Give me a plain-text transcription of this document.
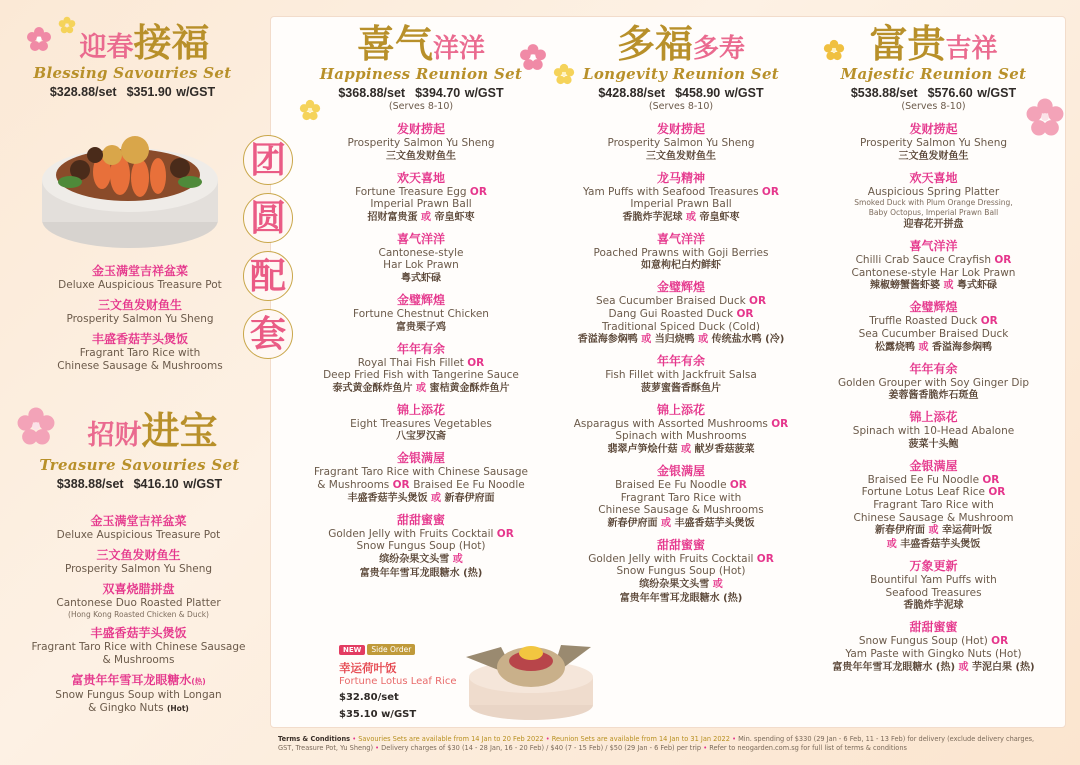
迎春接福
Blessing Savouries Set
$328.88/set $351.90 w/GST
金玉满堂吉祥盆菜
Deluxe Auspicious Treasure Pot
三文鱼发财鱼生
Prosperity Salmon Yu Sheng
丰盛香菇芋头煲饭
Fragrant Taro Rice with
Chinese Sausage & Mushrooms
招财进宝
Treasure Savouries Set
$388.88/set $416.10 w/GST
金玉满堂吉祥盆菜
Deluxe Auspicious Treasure Pot
三文鱼发财鱼生
Prosperity Salmon Yu Sheng
双喜烧腊拼盘
Cantonese Duo Roasted Platter
(Hong Kong Roasted Chicken & Duck)
丰盛香菇芋头煲饭
Fragrant Taro Rice with Chinese Sausage
& Mushrooms
富贵年年雪耳龙眼糖水(热)
Snow Fungus Soup with Longan
& Gingko Nuts (Hot)
团
圆
配
套
喜气洋洋
Happiness Reunion Set
$368.88/set $394.70 w/GST
(Serves 8-10)
发财捞起
Prosperity Salmon Yu Sheng
三文鱼发财鱼生
欢天喜地
Fortune Treasure Egg OR
Imperial Prawn Ball
招财富贵蛋 或 帝皇虾枣
喜气洋洋
Cantonese-style
Har Lok Prawn
粤式虾碌
金璧辉煌
Fortune Chestnut Chicken
富贵栗子鸡
年年有余
Royal Thai Fish Fillet OR
Deep Fried Fish with Tangerine Sauce
泰式黄金酥炸鱼片 或 蜜桔黄金酥炸鱼片
锦上添花
Eight Treasures Vegetables
八宝罗汉斋
金银满屋
Fragrant Taro Rice with Chinese Sausage
& Mushrooms OR Braised Ee Fu Noodle
丰盛香菇芋头煲饭 或 新春伊府面
甜甜蜜蜜
Golden Jelly with Fruits Cocktail OR
Snow Fungus Soup (Hot)
缤纷杂果文头雪 或
富贵年年雪耳龙眼糖水 (热)
多福多寿
Longevity Reunion Set
$428.88/set $458.90 w/GST
(Serves 8-10)
发财捞起
Prosperity Salmon Yu Sheng
三文鱼发财鱼生
龙马精神
Yam Puffs with Seafood Treasures OR
Imperial Prawn Ball
香脆炸芋泥球 或 帝皇虾枣
喜气洋洋
Poached Prawns with Goji Berries
如意枸杞白灼鲜虾
金璧辉煌
Sea Cucumber Braised Duck OR
Dang Gui Roasted Duck OR
Traditional Spiced Duck (Cold)
香溢海参焖鸭 或 当归烧鸭 或 传统盐水鸭 (冷)
年年有余
Fish Fillet with Jackfruit Salsa
菠萝蜜酱香酥鱼片
锦上添花
Asparagus with Assorted Mushrooms OR
Spinach with Mushrooms
翡翠卢笋烩什菇 或 献岁香菇菠菜
金银满屋
Braised Ee Fu Noodle OR
Fragrant Taro Rice with
Chinese Sausage & Mushrooms
新春伊府面 或 丰盛香菇芋头煲饭
甜甜蜜蜜
Golden Jelly with Fruits Cocktail OR
Snow Fungus Soup (Hot)
缤纷杂果文头雪 或
富贵年年雪耳龙眼糖水 (热)
富贵吉祥
Majestic Reunion Set
$538.88/set $576.60 w/GST
(Serves 8-10)
发财捞起
Prosperity Salmon Yu Sheng
三文鱼发财鱼生
欢天喜地
Auspicious Spring Platter
Smoked Duck with Plum Orange Dressing,
Baby Octopus, Imperial Prawn Ball
迎春花开拼盘
喜气洋洋
Chilli Crab Sauce Crayfish OR
Cantonese-style Har Lok Prawn
辣椒螃蟹酱虾婆 或 粤式虾碌
金璧辉煌
Truffle Roasted Duck OR
Sea Cucumber Braised Duck
松露烧鸭 或 香溢海参焖鸭
年年有余
Golden Grouper with Soy Ginger Dip
姜蓉酱香脆炸石斑鱼
锦上添花
Spinach with 10-Head Abalone
菠菜十头鲍
金银满屋
Braised Ee Fu Noodle OR
Fortune Lotus Leaf Rice OR
Fragrant Taro Rice with
Chinese Sausage & Mushroom
新春伊府面 或 幸运荷叶饭
或 丰盛香菇芋头煲饭
万象更新
Bountiful Yam Puffs with
Seafood Treasures
香脆炸芋泥球
甜甜蜜蜜
Snow Fungus Soup (Hot) OR
Yam Paste with Gingko Nuts (Hot)
富贵年年雪耳龙眼糖水 (热) 或 芋泥白果 (热)
NEW Side Order
幸运荷叶饭
Fortune Lotus Leaf Rice
$32.80/set
$35.10 w/GST
Terms & Conditions • Savouries Sets are available from 14 Jan to 20 Feb 2022 • Reunion Sets are available from 14 Jan to 31 Jan 2022 • Min. spending of $330 (29 Jan - 6 Feb, 11 - 13 Feb) for delivery (exclude delivery charges,
GST, Treasure Pot, Yu Sheng) • Delivery charges of $30 (14 - 28 Jan, 16 - 20 Feb) / $40 (7 - 15 Feb) / $50 (29 Jan - 6 Feb) per trip • Refer to neogarden.com.sg for full list of terms & conditions
